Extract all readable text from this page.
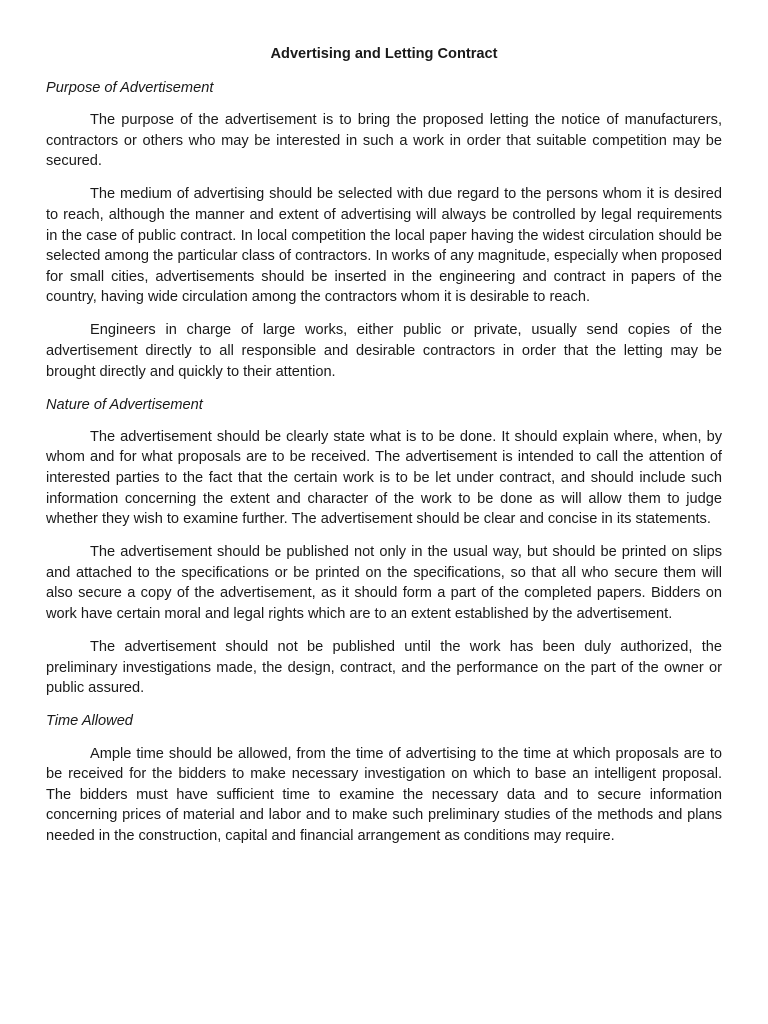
Advertising and Letting Contract

Purpose of Advertisement

The purpose of the advertisement is to bring the proposed letting the notice of manufacturers, contractors or others who may be interested in such a work in order that suitable competition may be secured.

The medium of advertising should be selected with due regard to the persons whom it is desired to reach, although the manner and extent of advertising will always be controlled by legal requirements in the case of public contract. In local competition the local paper having the widest circulation should be selected among the particular class of contractors. In works of any magnitude, especially when proposed for small cities, advertisements should be inserted in the engineering and contract in papers of the country, having wide circulation among the contractors whom it is desirable to reach.

Engineers in charge of large works, either public or private, usually send copies of the advertisement directly to all responsible and desirable contractors in order that the letting may be brought directly and quickly to their attention.

Nature of Advertisement

The advertisement should be clearly state what is to be done. It should explain where, when, by whom and for what proposals are to be received. The advertisement is intended to call the attention of interested parties to the fact that the certain work is to be let under contract, and should include such information concerning the extent and character of the work to be done as will allow them to judge whether they wish to examine further. The advertisement should be clear and concise in its statements.

The advertisement should be published not only in the usual way, but should be printed on slips and attached to the specifications or be printed on the specifications, so that all who secure them will also secure a copy of the advertisement, as it should form a part of the completed papers. Bidders on work have certain moral and legal rights which are to an extent established by the advertisement.

The advertisement should not be published until the work has been duly authorized, the preliminary investigations made, the design, contract, and the performance on the part of the owner or public assured.

Time Allowed

Ample time should be allowed, from the time of advertising to the time at which proposals are to be received for the bidders to make necessary investigation on which to base an intelligent proposal. The bidders must have sufficient time to examine the necessary data and to secure information concerning prices of material and labor and to make such preliminary studies of the methods and plans needed in the construction, capital and financial arrangement as conditions may require.
